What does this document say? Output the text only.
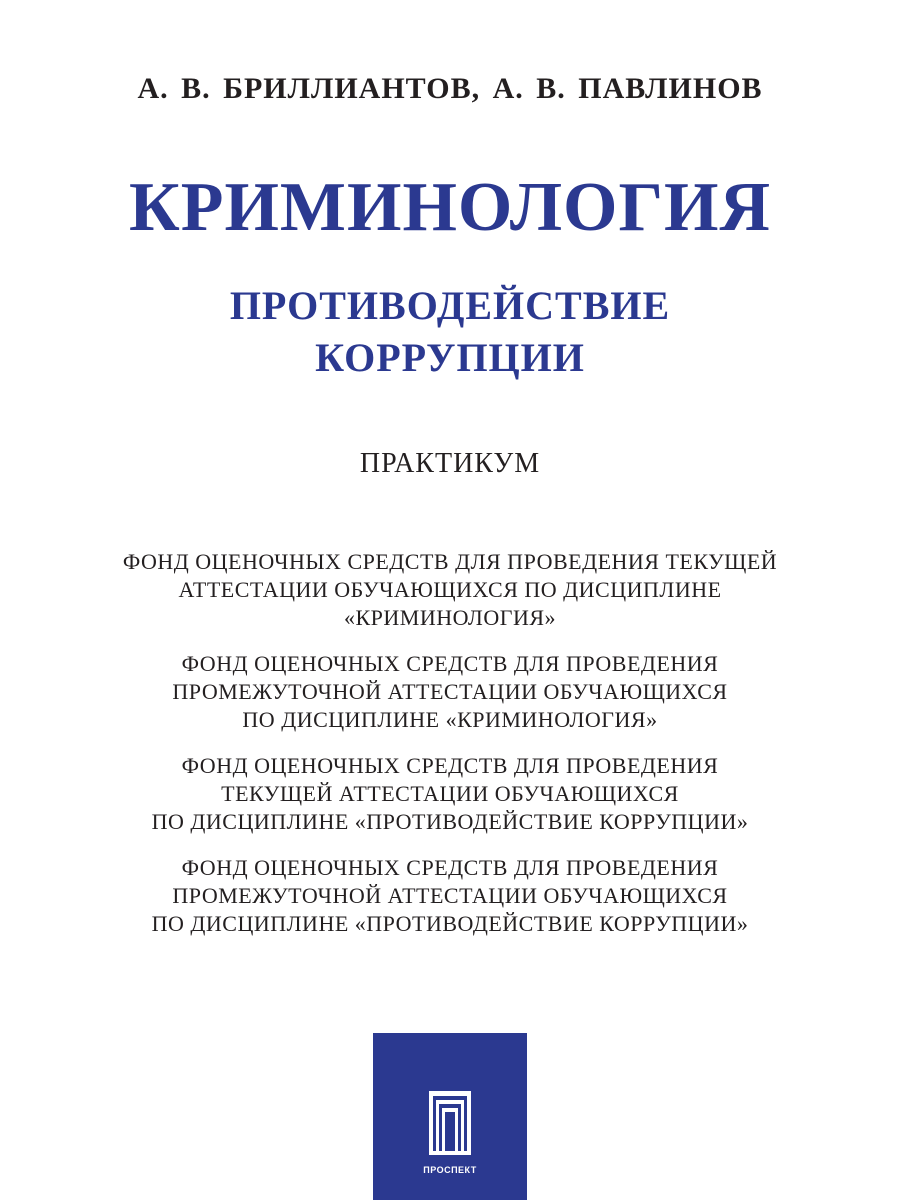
А. В. БРИЛЛИАНТОВ, А. В. ПАВЛИНОВ
КРИМИНОЛОГИЯ
ПРОТИВОДЕЙСТВИЕ
КОРРУПЦИИ
ПРАКТИКУМ
ФОНД ОЦЕНОЧНЫХ СРЕДСТВ ДЛЯ ПРОВЕДЕНИЯ ТЕКУЩЕЙ
АТТЕСТАЦИИ ОБУЧАЮЩИХСЯ ПО ДИСЦИПЛИНЕ
«КРИМИНОЛОГИЯ»
ФОНД ОЦЕНОЧНЫХ СРЕДСТВ ДЛЯ ПРОВЕДЕНИЯ
ПРОМЕЖУТОЧНОЙ АТТЕСТАЦИИ ОБУЧАЮЩИХСЯ
ПО ДИСЦИПЛИНЕ «КРИМИНОЛОГИЯ»
ФОНД ОЦЕНОЧНЫХ СРЕДСТВ ДЛЯ ПРОВЕДЕНИЯ
ТЕКУЩЕЙ АТТЕСТАЦИИ ОБУЧАЮЩИХСЯ
ПО ДИСЦИПЛИНЕ «ПРОТИВОДЕЙСТВИЕ КОРРУПЦИИ»
ФОНД ОЦЕНОЧНЫХ СРЕДСТВ ДЛЯ ПРОВЕДЕНИЯ
ПРОМЕЖУТОЧНОЙ АТТЕСТАЦИИ ОБУЧАЮЩИХСЯ
ПО ДИСЦИПЛИНЕ «ПРОТИВОДЕЙСТВИЕ КОРРУПЦИИ»
ПРОСПЕКТ
